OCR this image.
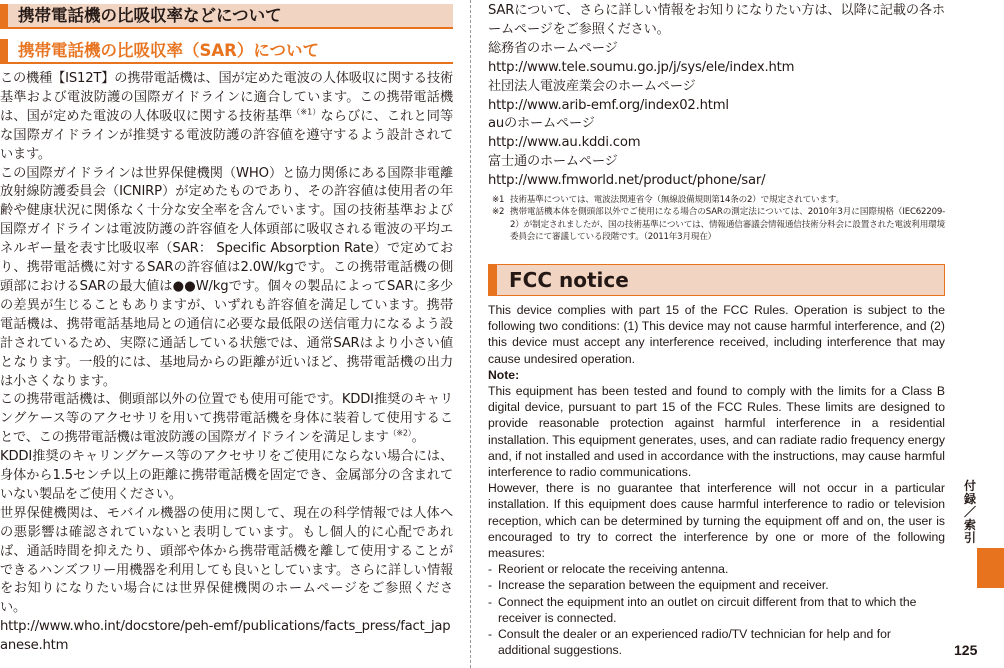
携帯電話機の比吸収率などについて
携帯電話機の比吸収率（SAR）について

この機種【IS12T】の携帯電話機は、国が定めた電波の人体吸収に関する技術基準および電波防護の国際ガイドラインに適合しています。この携帯電話機は、国が定めた電波の人体吸収に関する技術基準$^{(※1)}$ならびに、これと同等な国際ガイドラインが推奨する電波防護の許容値を遵守するよう設計されています。

この国際ガイドラインは世界保健機関（WHO）と協力関係にある国際非電離放射線防護委員会（ICNIRP）が定めたものであり、その許容値は使用者の年齢や健康状況に関係なく十分な安全率を含んでいます。国の技術基準および国際ガイドラインは電波防護の許容値を人体頭部に吸収される電波の平均エネルギー量を表す比吸収率（SAR： Specific Absorption Rate）で定めており、携帯電話機に対するSARの許容値は2.0W/kgです。この携帯電話機の側頭部におけるSARの最大値は●●W/kgです。個々の製品によってSARに多少の差異が生じることもありますが、いずれも許容値を満足しています。携帯電話機は、携帯電話基地局との通信に必要な最低限の送信電力になるよう設計されているため、実際に通話している状態では、通常SARはより小さい値となります。一般的には、基地局からの距離が近いほど、携帯電話機の出力は小さくなります。

この携帯電話機は、側頭部以外の位置でも使用可能です。KDDI推奨のキャリングケース等のアクセサリを用いて携帯電話機を身体に装着して使用することで、この携帯電話機は電波防護の国際ガイドラインを満足します$^{(※2)}$。

KDDI推奨のキャリングケース等のアクセサリをご使用にならない場合には、身体から1.5センチ以上の距離に携帯電話機を固定でき、金属部分の含まれていない製品をご使用ください。

世界保健機関は、モバイル機器の使用に関して、現在の科学情報では人体への悪影響は確認されていないと表明しています。もし個人的に心配であれば、通話時間を抑えたり、頭部や体から携帯電話機を離して使用することができるハンズフリー用機器を利用しても良いとしています。さらに詳しい情報をお知りになりたい場合には世界保健機関のホームページをご参照ください。

http://www.who.int/docstore/peh-emf/publications/facts_press/fact_japanese.htm

SARについて、さらに詳しい情報をお知りになりたい方は、以降に記載の各ホームページをご参照ください。

総務省のホームページ
http://www.tele.soumu.go.jp/j/sys/ele/index.htm
社団法人電波産業会のホームページ
http://www.arib-emf.org/index02.html
auのホームページ
http://www.au.kddi.com
富士通のホームページ
http://www.fmworld.net/product/phone/sar/

※1 技術基準については、電波法関連省令（無線設備規則第14条の2）で規定されています。

※2 携帯電話機本体を側頭部以外でご使用になる場合のSARの測定法については、2010年3月に国際規格（IEC62209-2）が制定されましたが、国の技術基準については、情報通信審議会情報通信技術分科会に設置された電波利用環境委員会にて審議している段階です。（2011年3月現在）

FCC notice

This device complies with part 15 of the FCC Rules. Operation is subject to the following two conditions: (1) This device may not cause harmful interference, and (2) this device must accept any interference received, including interference that may cause undesired operation.

Note:

This equipment has been tested and found to comply with the limits for a Class B digital device, pursuant to part 15 of the FCC Rules. These limits are designed to provide reasonable protection against harmful interference in a residential installation. This equipment generates, uses, and can radiate radio frequency energy and, if not installed and used in accordance with the instructions, may cause harmful interference to radio communications.

However, there is no guarantee that interference will not occur in a particular installation. If this equipment does cause harmful interference to radio or television reception, which can be determined by turning the equipment off and on, the user is encouraged to try to correct the interference by one or more of the following measures:

- Reorient or relocate the receiving antenna.
- Increase the separation between the equipment and receiver.
- Connect the equipment into an outlet on circuit different from that to which the receiver is connected.
- Consult the dealer or an experienced radio/TV technician for help and for additional suggestions.
付録／索引
125
